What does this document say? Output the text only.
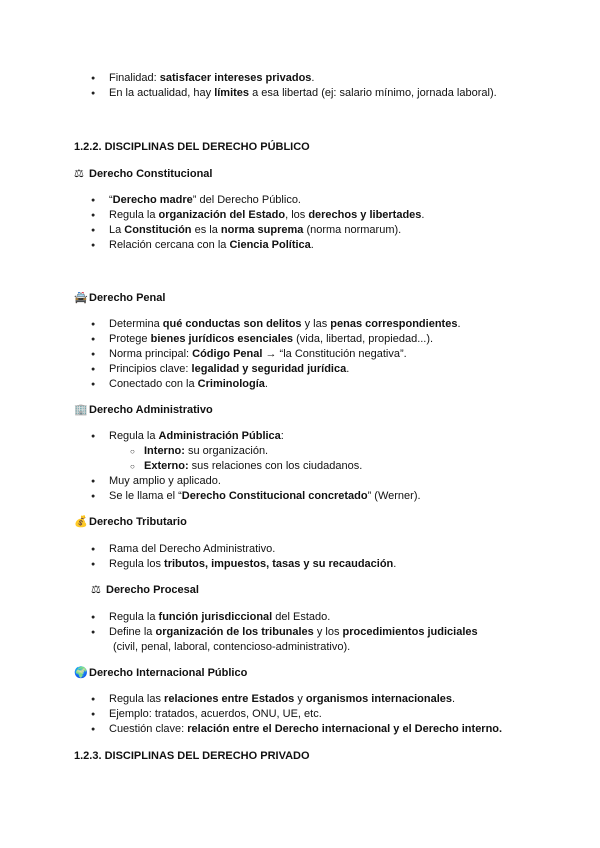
● Finalidad: satisfacer intereses privados.
● En la actualidad, hay límites a esa libertad (ej: salario mínimo, jornada laboral).
1.2.2. DISCIPLINAS DEL DERECHO PÚBLICO
⚖ Derecho Constitucional
● “Derecho madre” del Derecho Público.
● Regula la organización del Estado, los derechos y libertades.
● La Constitución es la norma suprema (norma normarum).
● Relación cercana con la Ciencia Política.
🚔Derecho Penal
● Determina qué conductas son delitos y las penas correspondientes.
● Protege bienes jurídicos esenciales (vida, libertad, propiedad...).
● Norma principal: Código Penal → “la Constitución negativa”.
● Principios clave: legalidad y seguridad jurídica.
● Conectado con la Criminología.
🏢Derecho Administrativo
● Regula la Administración Pública:
○ Interno: su organización.
○ Externo: sus relaciones con los ciudadanos.
● Muy amplio y aplicado.
● Se le llama el “Derecho Constitucional concretado” (Werner).
💰Derecho Tributario
● Rama del Derecho Administrativo.
● Regula los tributos, impuestos, tasas y su recaudación.
⚖ Derecho Procesal
● Regula la función jurisdiccional del Estado.
● Define la organización de los tribunales y los procedimientos judiciales
(civil, penal, laboral, contencioso-administrativo).
🌍Derecho Internacional Público
● Regula las relaciones entre Estados y organismos internacionales.
● Ejemplo: tratados, acuerdos, ONU, UE, etc.
● Cuestión clave: relación entre el Derecho internacional y el Derecho interno.
1.2.3. DISCIPLINAS DEL DERECHO PRIVADO
